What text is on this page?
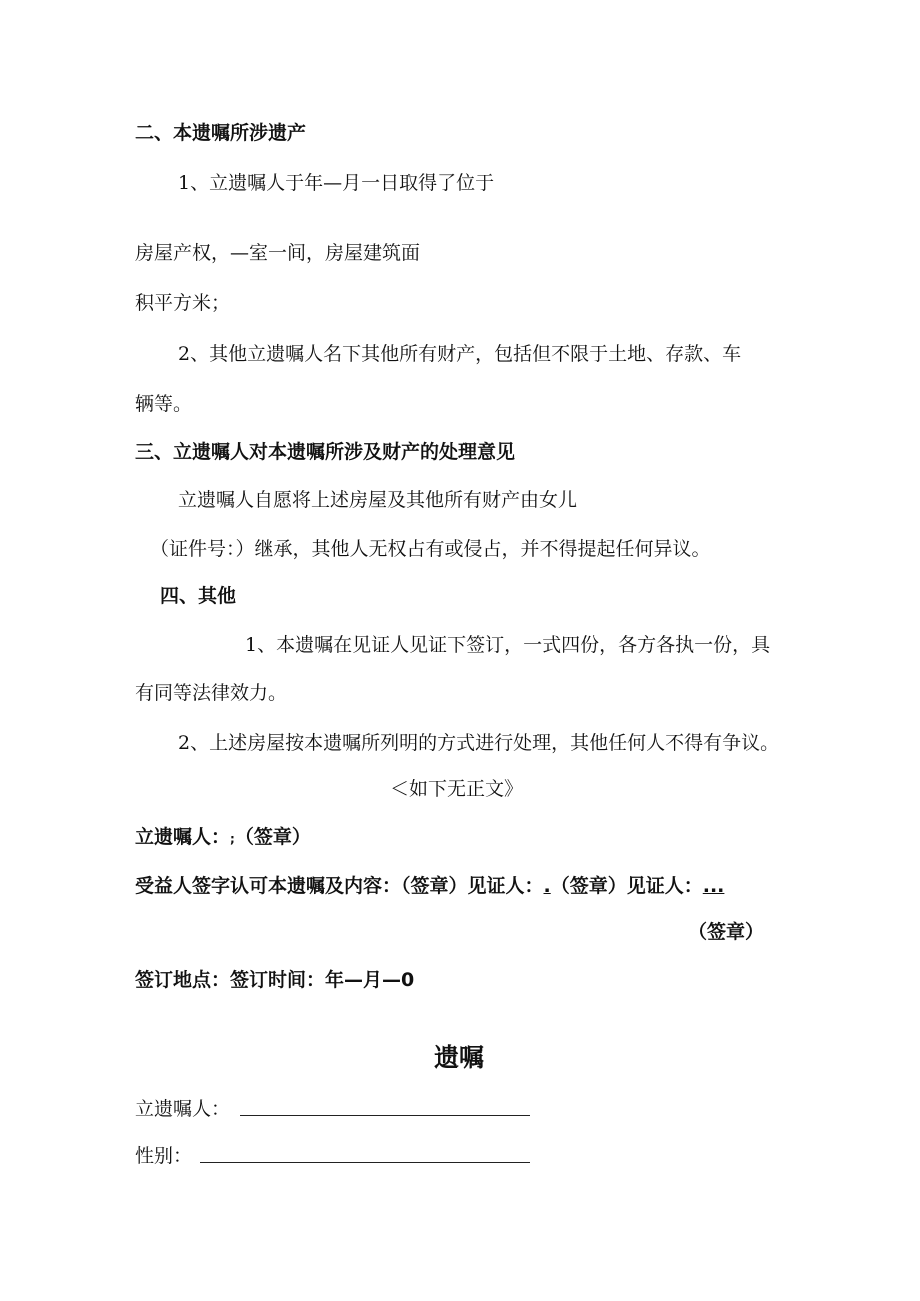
二、本遗嘱所涉遗产
1、立遗嘱人于年—月一日取得了位于
房屋产权，—室一间，房屋建筑面
积平方米；
2、其他立遗嘱人名下其他所有财产，包括但不限于土地、存款、车
辆等。
三、立遗嘱人对本遗嘱所涉及财产的处理意见
立遗嘱人自愿将上述房屋及其他所有财产由女儿
（证件号：）继承，其他人无权占有或侵占，并不得提起任何异议。
四、其他
1、本遗嘱在见证人见证下签订，一式四份，各方各执一份，具
有同等法律效力。
2、上述房屋按本遗嘱所列明的方式进行处理，其他任何人不得有争议。
＜如下无正文》
立遗嘱人：;（签章）
受益人签字认可本遗嘱及内容：（签章）见证人：.（签章）见证人：...
（签章）
签订地点：签订时间：年—月—0
遗嘱
立遗嘱人：
性别：
